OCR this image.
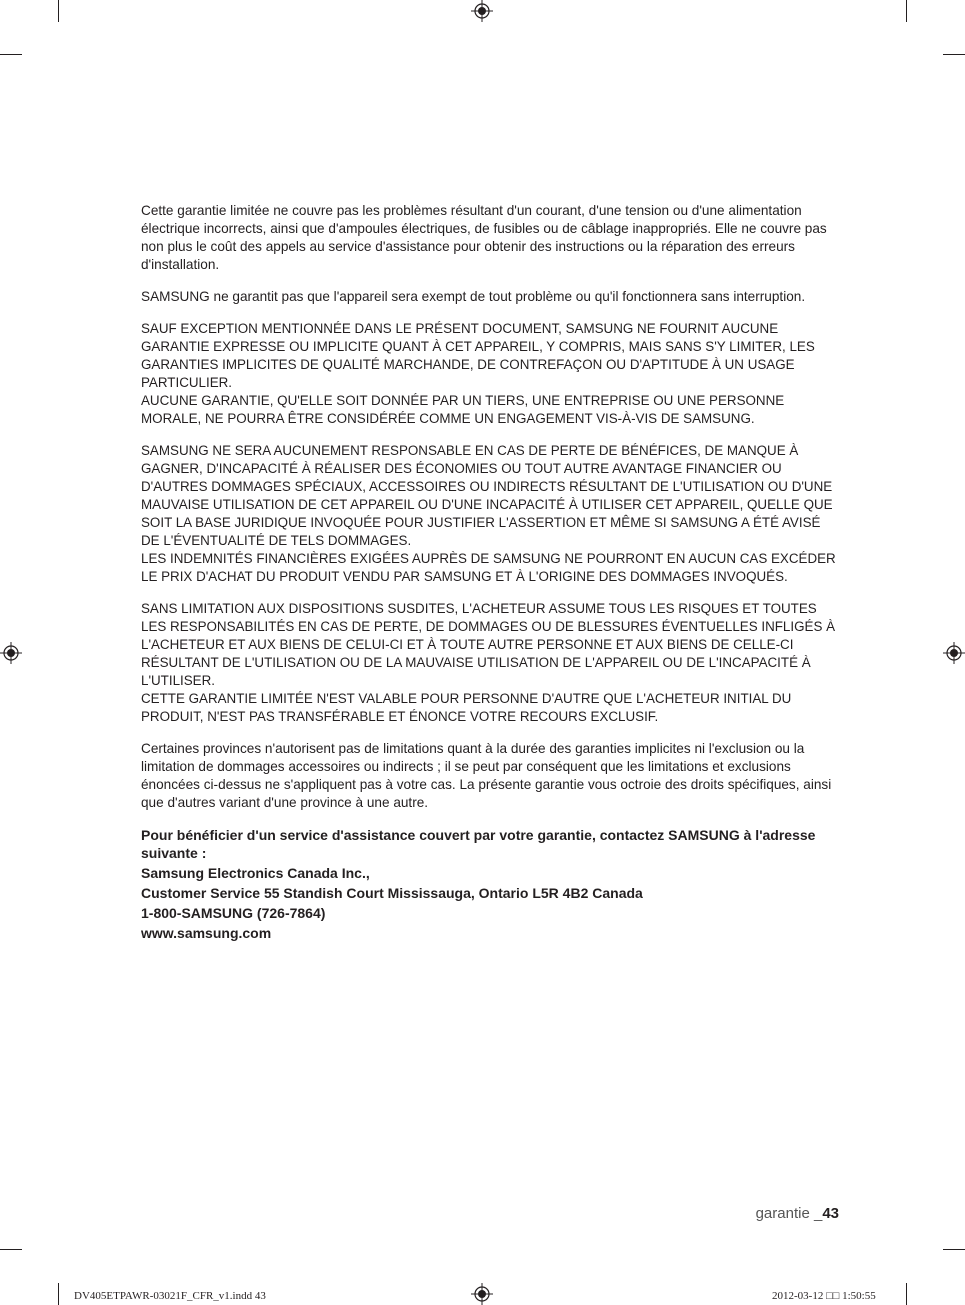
Cette garantie limitée ne couvre pas les problèmes résultant d'un courant, d'une tension ou d'une alimentation électrique incorrects, ainsi que d'ampoules électriques, de fusibles ou de câblage inappropriés. Elle ne couvre pas non plus le coût des appels au service d'assistance pour obtenir des instructions ou la réparation des erreurs d'installation.

SAMSUNG ne garantit pas que l'appareil sera exempt de tout problème ou qu'il fonctionnera sans interruption.

SAUF EXCEPTION MENTIONNÉE DANS LE PRÉSENT DOCUMENT, SAMSUNG NE FOURNIT AUCUNE GARANTIE EXPRESSE OU IMPLICITE QUANT À CET APPAREIL, Y COMPRIS, MAIS SANS S'Y LIMITER, LES GARANTIES IMPLICITES DE QUALITÉ MARCHANDE, DE CONTREFAÇON OU D'APTITUDE À UN USAGE PARTICULIER.

AUCUNE GARANTIE, QU'ELLE SOIT DONNÉE PAR UN TIERS, UNE ENTREPRISE OU UNE PERSONNE MORALE, NE POURRA ÊTRE CONSIDÉRÉE COMME UN ENGAGEMENT VIS-À-VIS DE SAMSUNG.

SAMSUNG NE SERA AUCUNEMENT RESPONSABLE EN CAS DE PERTE DE BÉNÉFICES, DE MANQUE À GAGNER, D'INCAPACITÉ À RÉALISER DES ÉCONOMIES OU TOUT AUTRE AVANTAGE FINANCIER OU D'AUTRES DOMMAGES SPÉCIAUX, ACCESSOIRES OU INDIRECTS RÉSULTANT DE L'UTILISATION OU D'UNE MAUVAISE UTILISATION DE CET APPAREIL OU D'UNE INCAPACITÉ À UTILISER CET APPAREIL, QUELLE QUE SOIT LA BASE JURIDIQUE INVOQUÉE POUR JUSTIFIER L'ASSERTION ET MÊME SI SAMSUNG A ÉTÉ AVISÉ DE L'ÉVENTUALITÉ DE TELS DOMMAGES.

LES INDEMNITÉS FINANCIÈRES EXIGÉES AUPRÈS DE SAMSUNG NE POURRONT EN AUCUN CAS EXCÉDER LE PRIX D'ACHAT DU PRODUIT VENDU PAR SAMSUNG ET À L'ORIGINE DES DOMMAGES INVOQUÉS.

SANS LIMITATION AUX DISPOSITIONS SUSDITES, L'ACHETEUR ASSUME TOUS LES RISQUES ET TOUTES LES RESPONSABILITÉS EN CAS DE PERTE, DE DOMMAGES OU DE BLESSURES ÉVENTUELLES INFLIGÉS À L'ACHETEUR ET AUX BIENS DE CELUI-CI ET À TOUTE AUTRE PERSONNE ET AUX BIENS DE CELLE-CI RÉSULTANT DE L'UTILISATION OU DE LA MAUVAISE UTILISATION DE L'APPAREIL OU DE L'INCAPACITÉ À L'UTILISER.

CETTE GARANTIE LIMITÉE N'EST VALABLE POUR PERSONNE D'AUTRE QUE L'ACHETEUR INITIAL DU PRODUIT, N'EST PAS TRANSFÉRABLE ET ÉNONCE VOTRE RECOURS EXCLUSIF.

Certaines provinces n'autorisent pas de limitations quant à la durée des garanties implicites ni l'exclusion ou la limitation de dommages accessoires ou indirects ; il se peut par conséquent que les limitations et exclusions énoncées ci-dessus ne s'appliquent pas à votre cas. La présente garantie vous octroie des droits spécifiques, ainsi que d'autres variant d'une province à une autre.

Pour bénéficier d'un service d'assistance couvert par votre garantie, contactez SAMSUNG à l'adresse suivante :
Samsung Electronics Canada Inc.,
Customer Service 55 Standish Court Mississauga, Ontario L5R 4B2 Canada
1-800-SAMSUNG (726-7864)
www.samsung.com
garantie _43
DV405ETPAWR-03021F_CFR_v1.indd 43	2012-03-12 □□ 1:50:55
